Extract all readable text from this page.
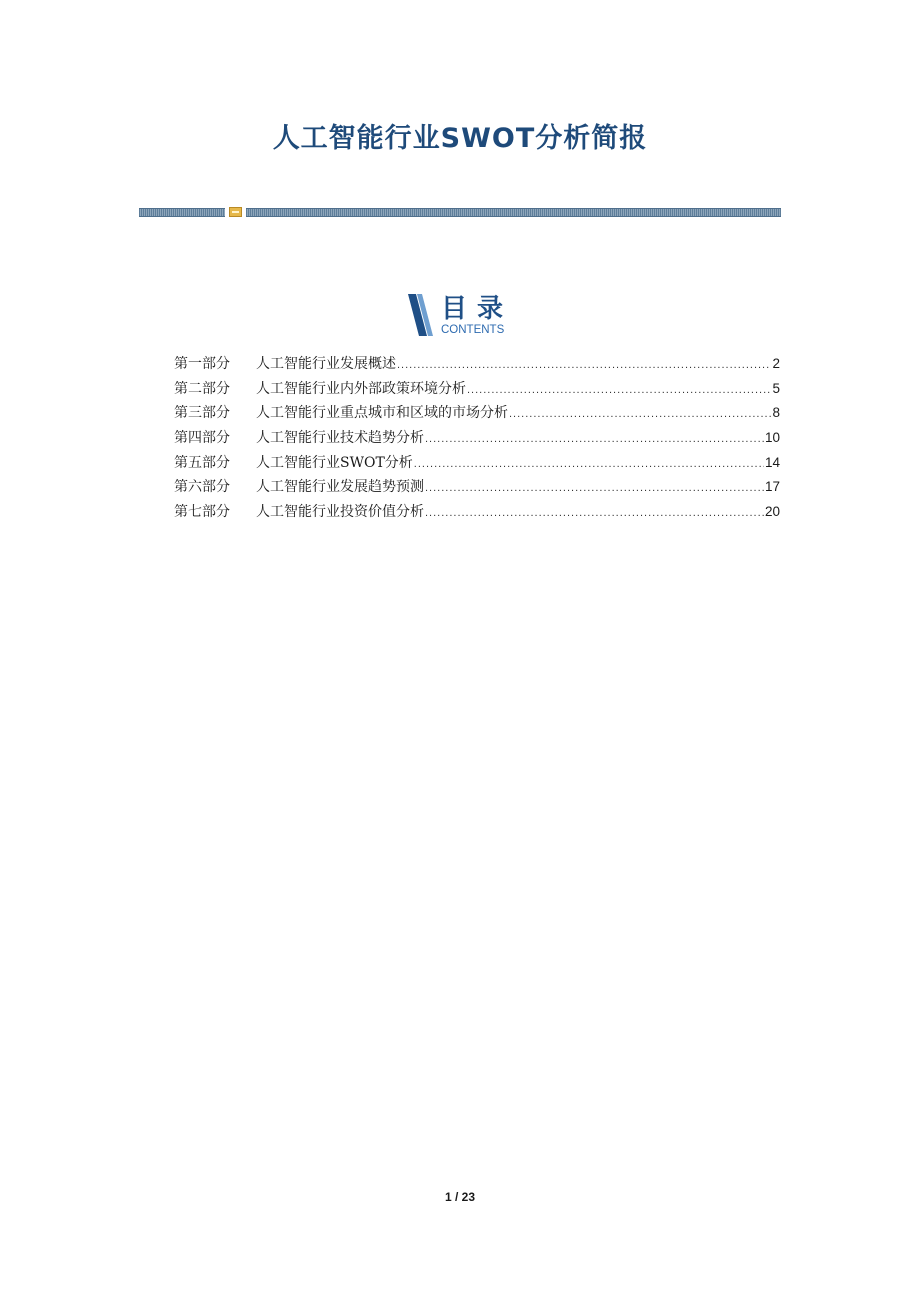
人工智能行业SWOT分析简报
目录
CONTENTS
第一部分	人工智能行业发展概述 .....	2
第二部分	人工智能行业内外部政策环境分析 .....	5
第三部分	人工智能行业重点城市和区域的市场分析 .....	8
第四部分	人工智能行业技术趋势分析 .....	10
第五部分	人工智能行业SWOT分析 .....	14
第六部分	人工智能行业发展趋势预测 .....	17
第七部分	人工智能行业投资价值分析 .....	20
1 / 23
